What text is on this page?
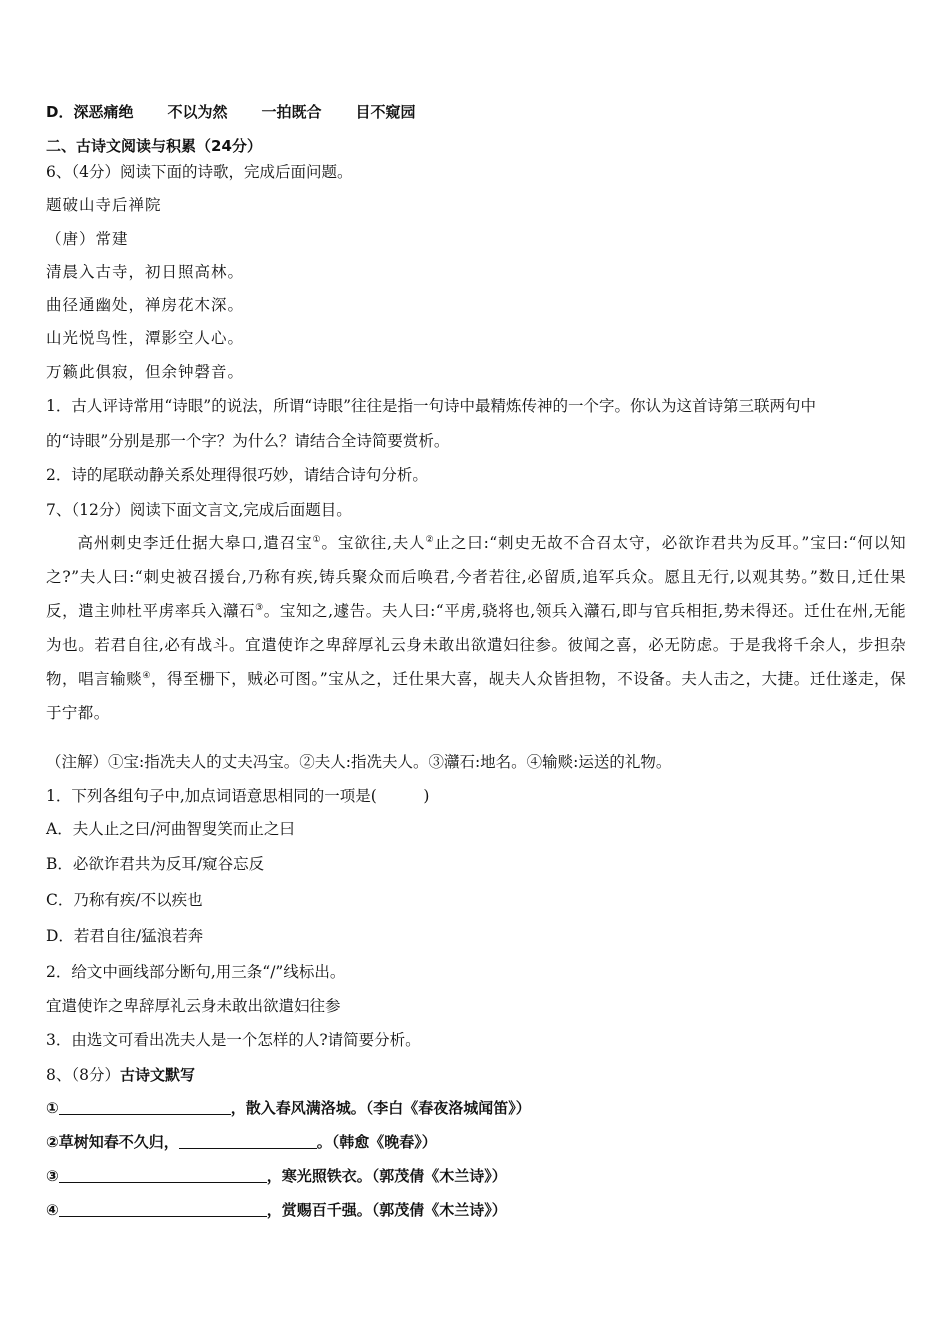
D．深恶痛绝 不以为然 一拍既合 目不窥园
二、古诗文阅读与积累（24分）
6、（4分）阅读下面的诗歌，完成后面问题。
题破山寺后禅院
（唐）常建
清晨入古寺，初日照高林。
曲径通幽处，禅房花木深。
山光悦鸟性，潭影空人心。
万籁此俱寂，但余钟磬音。
1．古人评诗常用“诗眼”的说法，所谓“诗眼”往往是指一句诗中最精炼传神的一个字。你认为这首诗第三联两句中
的“诗眼”分别是那一个字？为什么？请结合全诗简要赏析。
2．诗的尾联动静关系处理得很巧妙，请结合诗句分析。
7、（12分）阅读下面文言文,完成后面题目。
高州刺史李迁仕据大皋口,遣召宝①。宝欲往,夫人②止之曰:“刺史无故不合召太守，必欲诈君共为反耳。”宝曰:“何以知之?”夫人曰:“刺史被召援台,乃称有疾,铸兵聚众而后唤君,今者若往,必留质,追军兵众。愿且无行,以观其势。”数日,迁仕果反，遣主帅杜平虏率兵入灨石③。宝知之,遽告。夫人曰:“平虏,骁将也,领兵入灨石,即与官兵相拒,势未得还。迁仕在州,无能为也。若君自往,必有战斗。宜遣使诈之卑辞厚礼云身未敢出欲遣妇往参。彼闻之喜，必无防虑。于是我将千余人，步担杂物，唱言输赕④，得至栅下，贼必可图。”宝从之，迁仕果大喜，觇夫人众皆担物，不设备。夫人击之，大捷。迁仕遂走，保于宁都。
（注解）①宝:指冼夫人的丈夫冯宝。②夫人:指冼夫人。③灨石:地名。④输赕:运送的礼物。
1．下列各组句子中,加点词语意思相同的一项是(　　　)
A．夫人止之曰/河曲智叟笑而止之曰
B．必欲诈君共为反耳/窥谷忘反
C．乃称有疾/不以疾也
D．若君自往/猛浪若奔
2．给文中画线部分断句,用三条“/”线标出。
宜遣使诈之卑辞厚礼云身未敢出欲遣妇往参
3．由选文可看出冼夫人是一个怎样的人?请简要分析。
8、（8分）古诗文默写
①	，散入春风满洛城。（李白《春夜洛城闻笛》）
②草树知春不久归，	。（韩愈《晚春》）
③	，寒光照铁衣。（郭茂倩《木兰诗》）
④	，赏赐百千强。（郭茂倩《木兰诗》）
